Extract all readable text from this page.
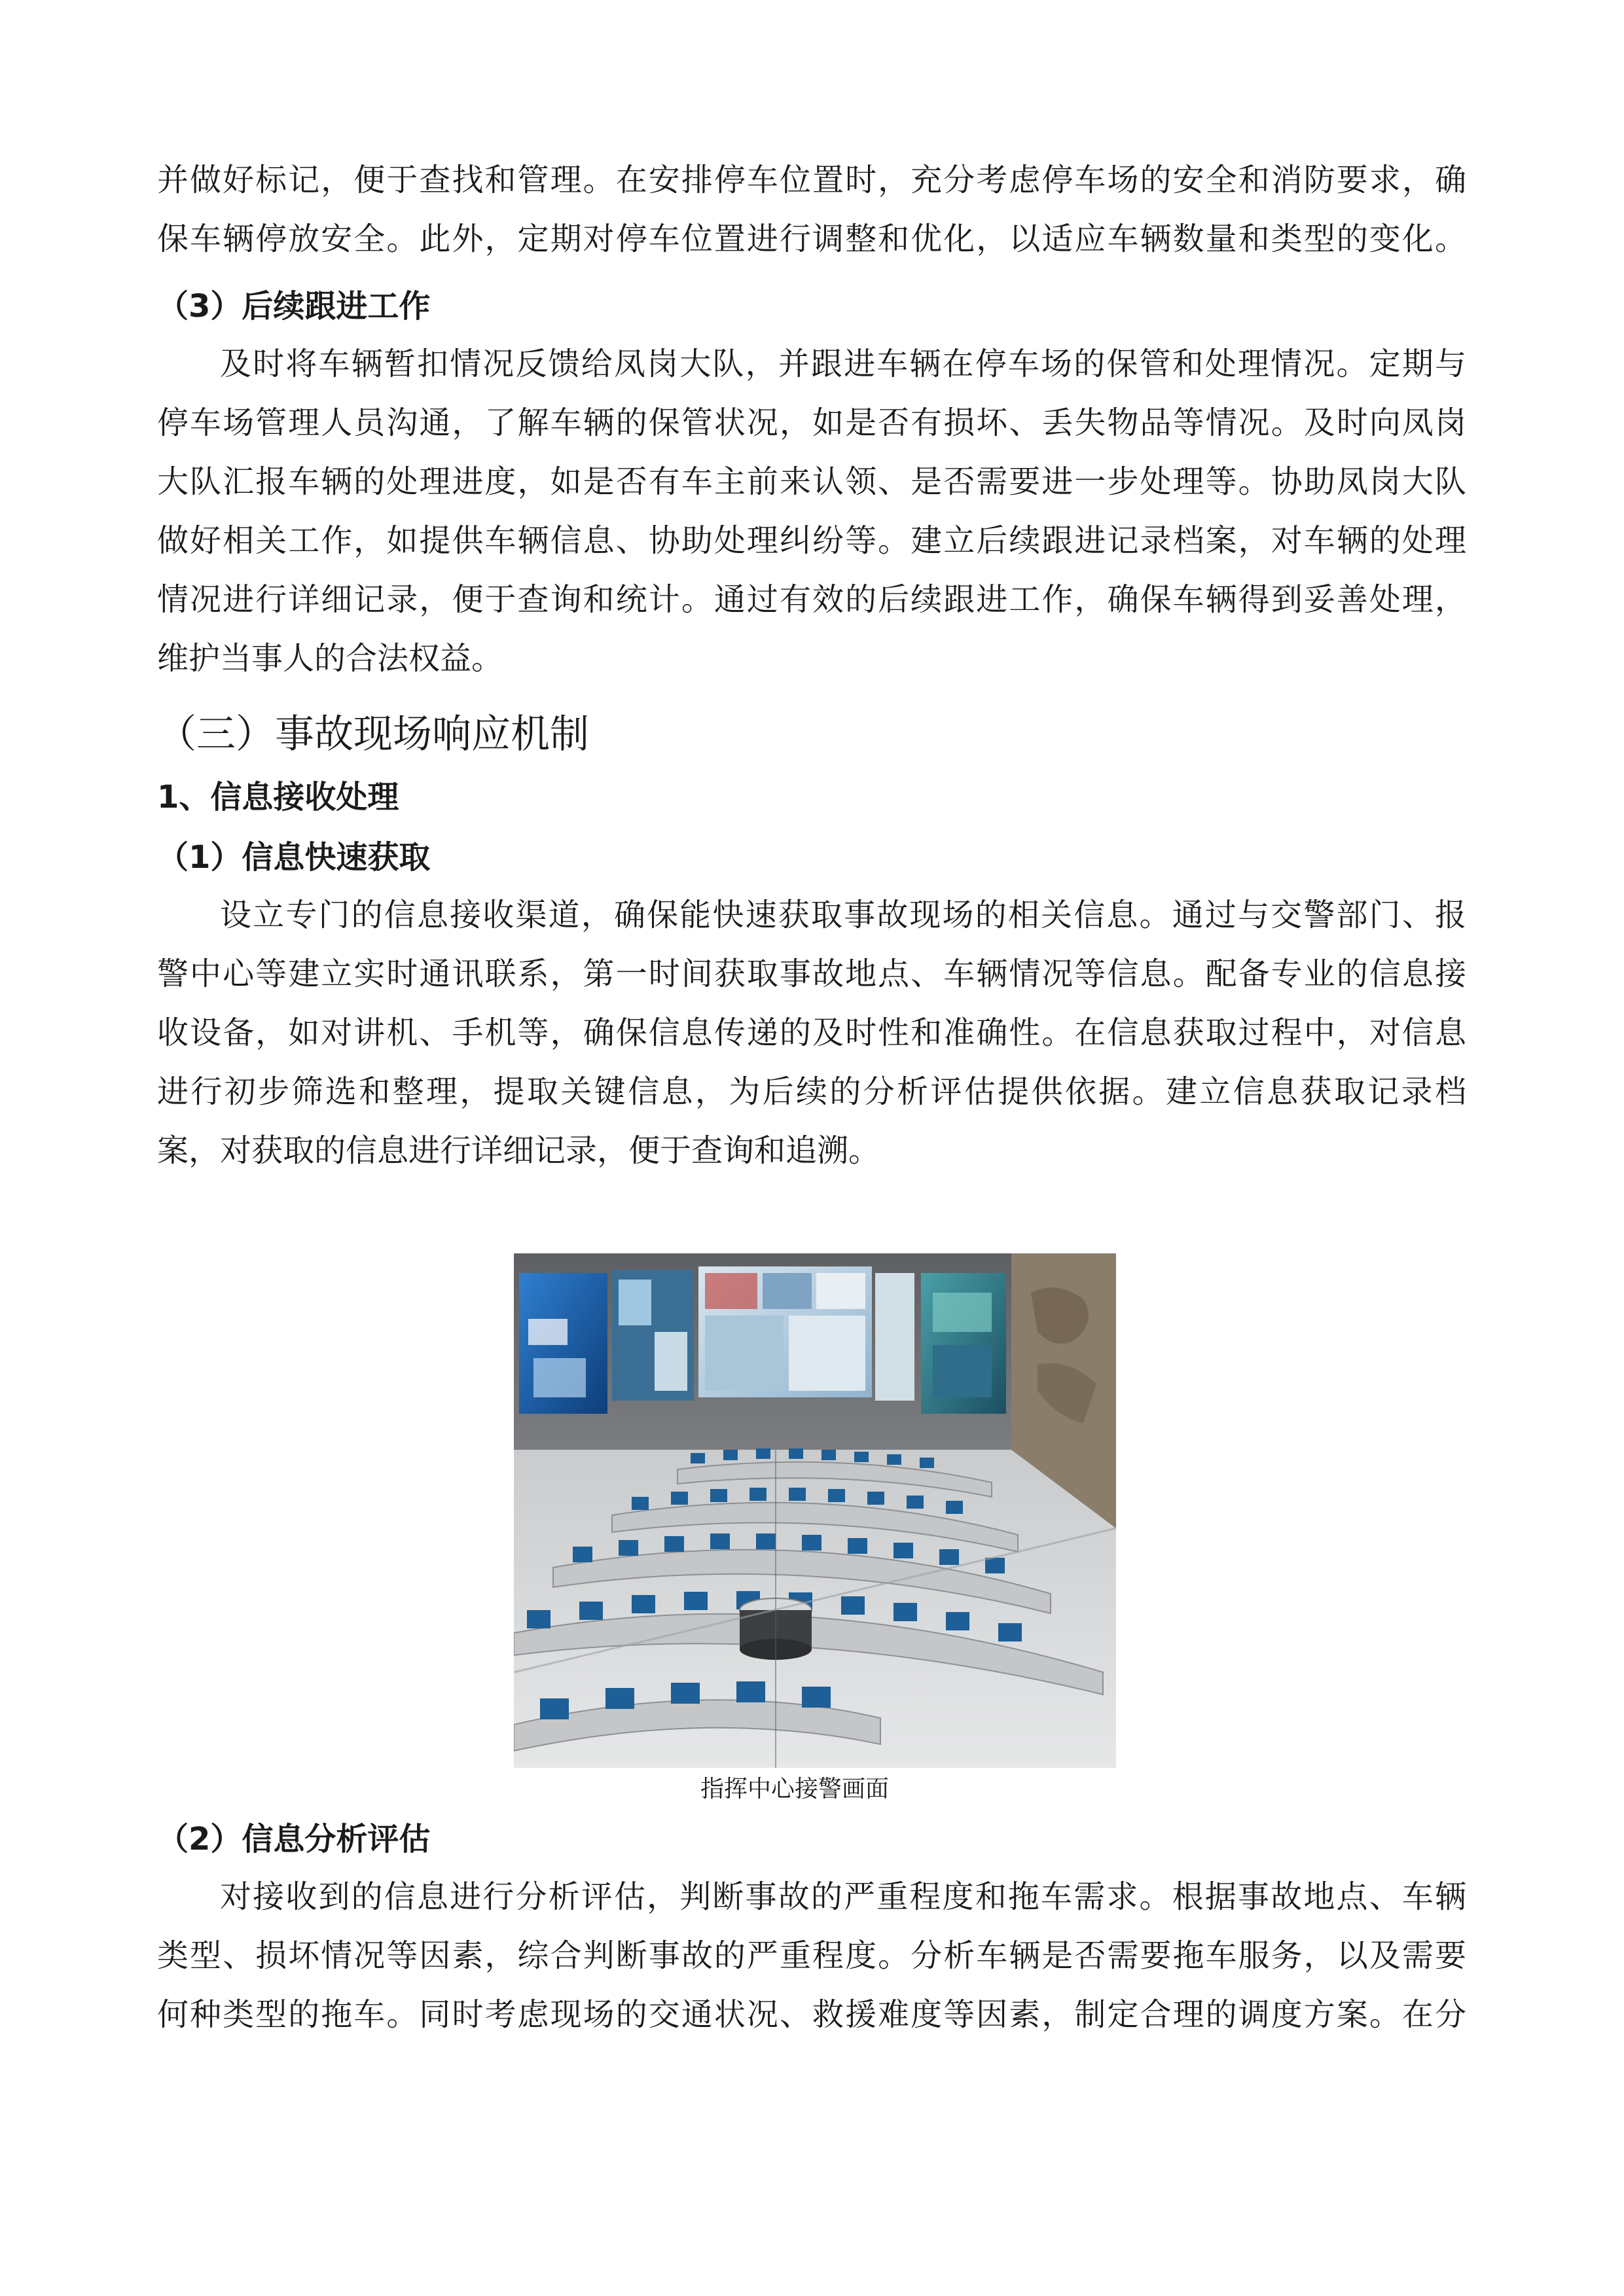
并做好标记，便于查找和管理。在安排停车位置时，充分考虑停车场的安全和消防要求，确
保车辆停放安全。此外，定期对停车位置进行调整和优化，以适应车辆数量和类型的变化。
（3）后续跟进工作
及时将车辆暂扣情况反馈给凤岗大队，并跟进车辆在停车场的保管和处理情况。定期与
停车场管理人员沟通，了解车辆的保管状况，如是否有损坏、丢失物品等情况。及时向凤岗
大队汇报车辆的处理进度，如是否有车主前来认领、是否需要进一步处理等。协助凤岗大队
做好相关工作，如提供车辆信息、协助处理纠纷等。建立后续跟进记录档案，对车辆的处理
情况进行详细记录，便于查询和统计。通过有效的后续跟进工作，确保车辆得到妥善处理，
维护当事人的合法权益。
（三）事故现场响应机制
1、信息接收处理
（1）信息快速获取
设立专门的信息接收渠道，确保能快速获取事故现场的相关信息。通过与交警部门、报
警中心等建立实时通讯联系，第一时间获取事故地点、车辆情况等信息。配备专业的信息接
收设备，如对讲机、手机等，确保信息传递的及时性和准确性。在信息获取过程中，对信息
进行初步筛选和整理，提取关键信息，为后续的分析评估提供依据。建立信息获取记录档
案，对获取的信息进行详细记录，便于查询和追溯。
指挥中心接警画面
（2）信息分析评估
对接收到的信息进行分析评估，判断事故的严重程度和拖车需求。根据事故地点、车辆
类型、损坏情况等因素，综合判断事故的严重程度。分析车辆是否需要拖车服务，以及需要
何种类型的拖车。同时考虑现场的交通状况、救援难度等因素，制定合理的调度方案。在分
